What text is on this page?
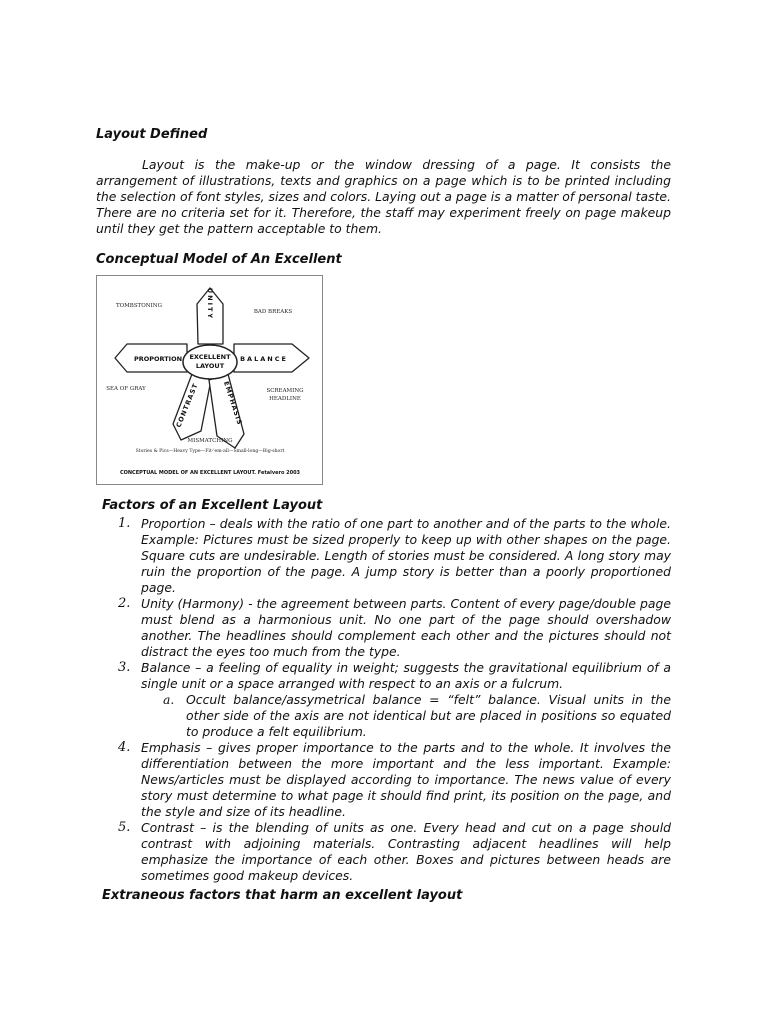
Layout Defined

Layout is the make-up or the window dressing of a page. It consists the arrangement of illustrations, texts and graphics on a page which is to be printed including the selection of font styles, sizes and colors. Laying out a page is a matter of personal taste. There are no criteria set for it. Therefore, the staff may experiment freely on page makeup until they get the pattern acceptable to them.

Conceptual Model of An Excellent
EXCELLENT
LAYOUT
PROPORTION	BALANCE
UNITY
CONTRAST	EMPHASIS
TOMBSTONING
BAD BREAKS
SEA OF GRAY	SCREAMING
HEADLINE
MISMATCHING
Stories & Pics—Heavy Type—Fit-'em-all—Small-long—Big-short
CONCEPTUAL MODEL OF AN EXCELLENT LAYOUT. Fetalvero 2003
Factors of an Excellent Layout
1. Proportion – deals with the ratio of one part to another and of the parts to the whole. Example: Pictures must be sized properly to keep up with other shapes on the page. Square cuts are undesirable. Length of stories must be considered. A long story may ruin the proportion of the page. A jump story is better than a poorly proportioned page.
2. Unity (Harmony) - the agreement between parts. Content of every page/double page must blend as a harmonious unit. No one part of the page should overshadow another. The headlines should complement each other and the pictures should not distract the eyes too much from the type.
3. Balance – a feeling of equality in weight; suggests the gravitational equilibrium of a single unit or a space arranged with respect to an axis or a fulcrum.
a. Occult balance/assymetrical balance = “felt” balance. Visual units in the other side of the axis are not identical but are placed in positions so equated to produce a felt equilibrium.
4. Emphasis – gives proper importance to the parts and to the whole. It involves the differentiation between the more important and the less important. Example: News/articles must be displayed according to importance. The news value of every story must determine to what page it should find print, its position on the page, and the style and size of its headline.
5. Contrast – is the blending of units as one. Every head and cut on a page should contrast with adjoining materials. Contrasting adjacent headlines will help emphasize the importance of each other. Boxes and pictures between heads are sometimes good makeup devices.
Extraneous factors that harm an excellent layout
